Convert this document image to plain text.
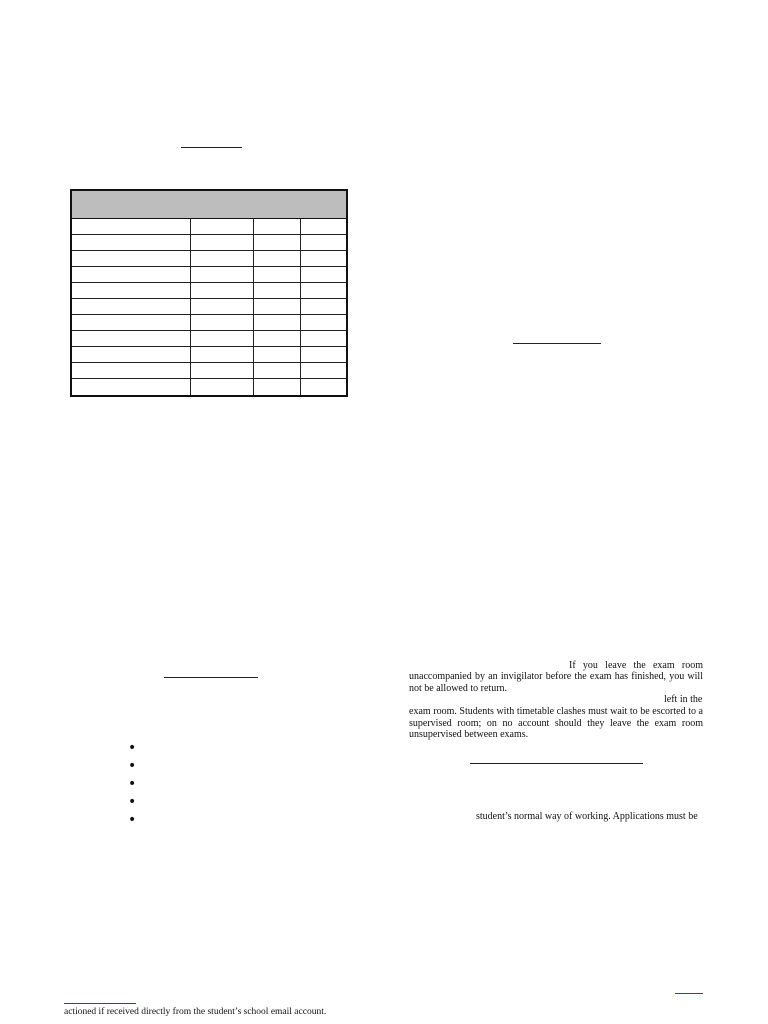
•
•
•
•
•
If you leave the exam room
unaccompanied by an invigilator before the exam has finished, you will not be allowed to return.
left in the
exam room. Students with timetable clashes must wait to be escorted to a supervised room; on no account should they leave the exam room unsupervised between exams.
student’s normal way of working. Applications must be
actioned if received directly from the student’s school email account.
